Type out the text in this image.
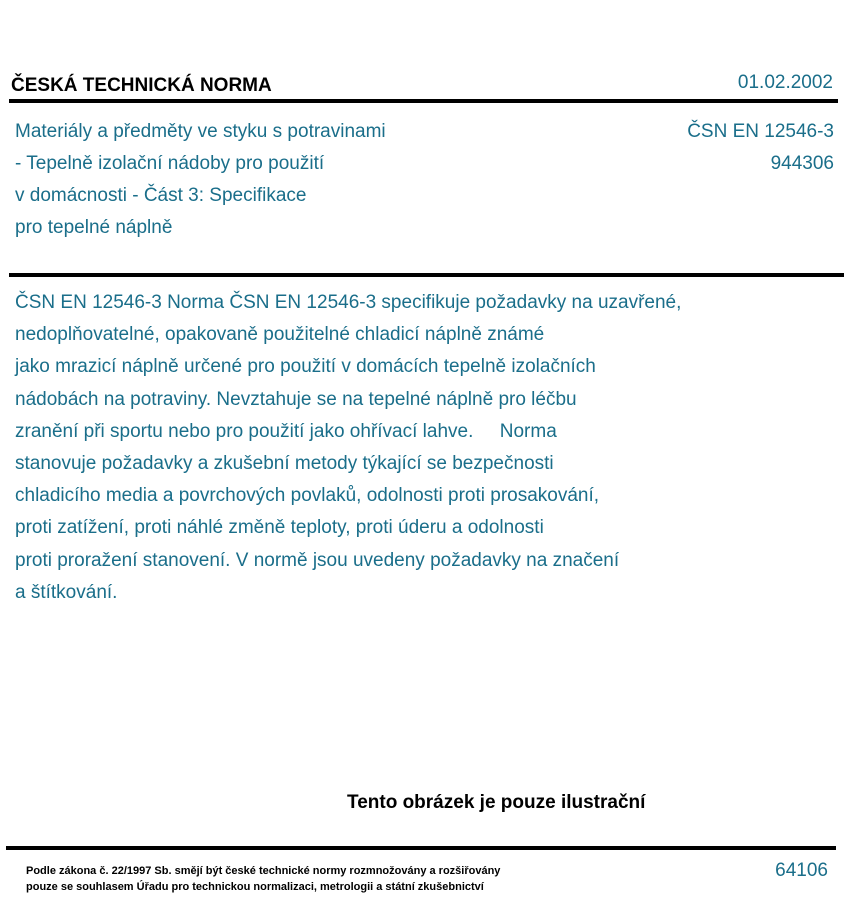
ČESKÁ TECHNICKÁ NORMA	01.02.2002
Materiály a předměty ve styku s potravinami
- Tepelně izolační nádoby pro použití
v domácnosti - Část 3: Specifikace
pro tepelné náplně
ČSN EN 12546-3
944306
ČSN EN 12546-3 Norma ČSN EN 12546-3 specifikuje požadavky na uzavřené,
nedoplňovatelné, opakovaně použitelné chladicí náplně známé
jako mrazicí náplně určené pro použití v domácích tepelně izolačních
nádobách na potraviny. Nevztahuje se na tepelné náplně pro léčbu
zranění při sportu nebo pro použití jako ohřívací lahve.     Norma
stanovuje požadavky a zkušební metody týkající se bezpečnosti
chladicího media a povrchových povlaků, odolnosti proti prosakování,
proti zatížení, proti náhlé změně teploty, proti úderu a odolnosti
proti proražení stanovení. V normě jsou uvedeny požadavky na značení
a štítkování.
Tento obrázek je pouze ilustrační
Podle zákona č. 22/1997 Sb. smějí být české technické normy rozmnožovány a rozšiřovány
pouze se souhlasem Úřadu pro technickou normalizaci, metrologii a státní zkušebnictví
64106
